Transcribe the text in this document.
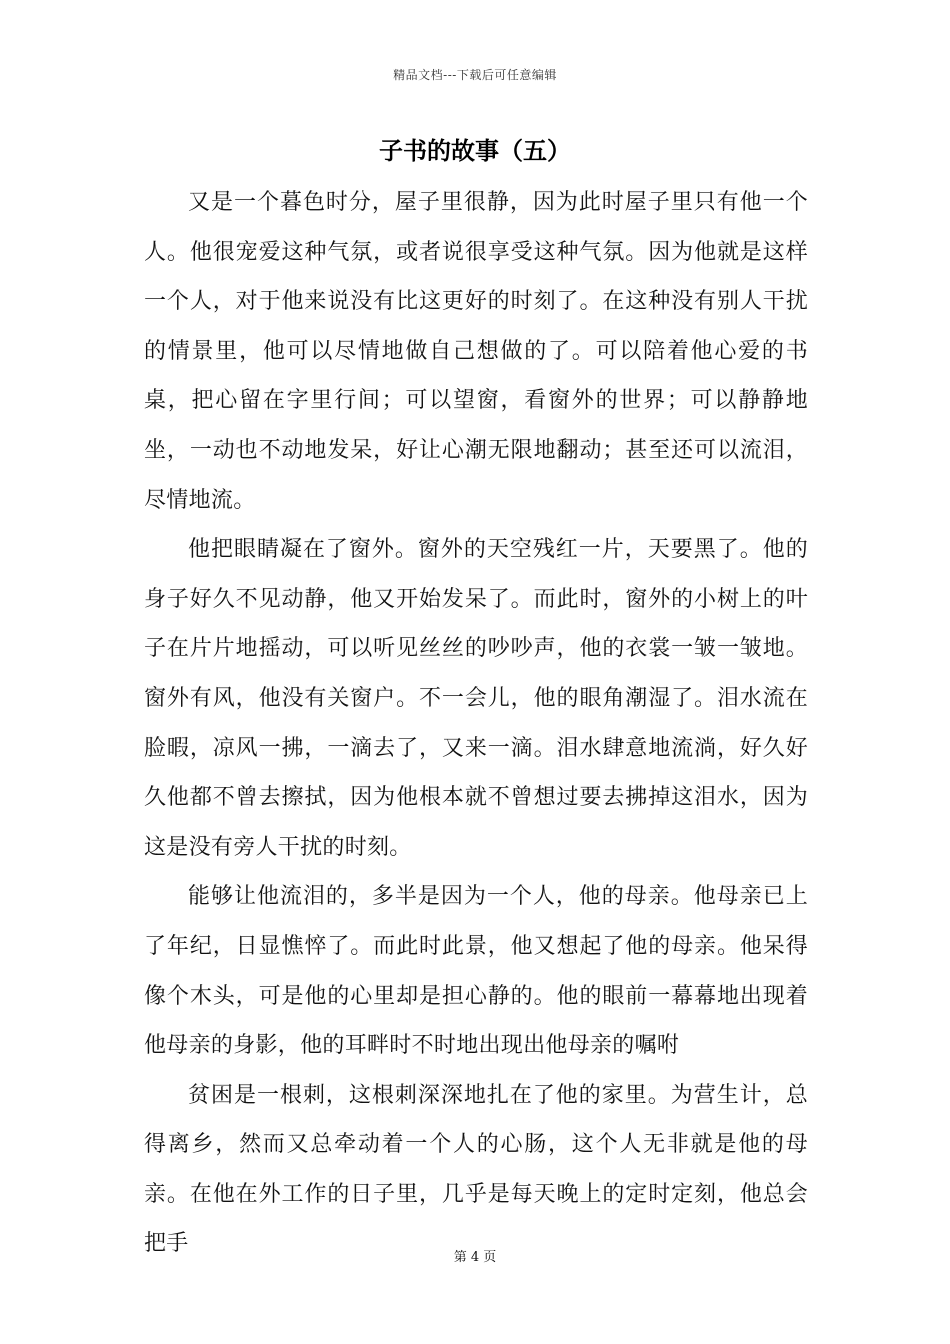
精品文档---下载后可任意编辑
子书的故事（五）

又是一个暮色时分，屋子里很静，因为此时屋子里只有他一个人。他很宠爱这种气氛，或者说很享受这种气氛。因为他就是这样一个人，对于他来说没有比这更好的时刻了。在这种没有别人干扰的情景里，他可以尽情地做自己想做的了。可以陪着他心爱的书桌，把心留在字里行间；可以望窗，看窗外的世界；可以静静地坐，一动也不动地发呆，好让心潮无限地翻动；甚至还可以流泪，尽情地流。

他把眼睛凝在了窗外。窗外的天空残红一片，天要黑了。他的身子好久不见动静，他又开始发呆了。而此时，窗外的小树上的叶子在片片地摇动，可以听见丝丝的吵吵声，他的衣裳一皱一皱地。窗外有风，他没有关窗户。不一会儿，他的眼角潮湿了。泪水流在脸暇，凉风一拂，一滴去了，又来一滴。泪水肆意地流淌，好久好久他都不曾去擦拭，因为他根本就不曾想过要去拂掉这泪水，因为这是没有旁人干扰的时刻。

能够让他流泪的，多半是因为一个人，他的母亲。他母亲已上了年纪，日显憔悴了。而此时此景，他又想起了他的母亲。他呆得像个木头，可是他的心里却是担心静的。他的眼前一幕幕地出现着他母亲的身影，他的耳畔时不时地出现出他母亲的嘱咐

贫困是一根刺，这根刺深深地扎在了他的家里。为营生计，总得离乡，然而又总牵动着一个人的心肠，这个人无非就是他的母亲。在他在外工作的日子里，几乎是每天晚上的定时定刻，他总会把手

第 4 页
